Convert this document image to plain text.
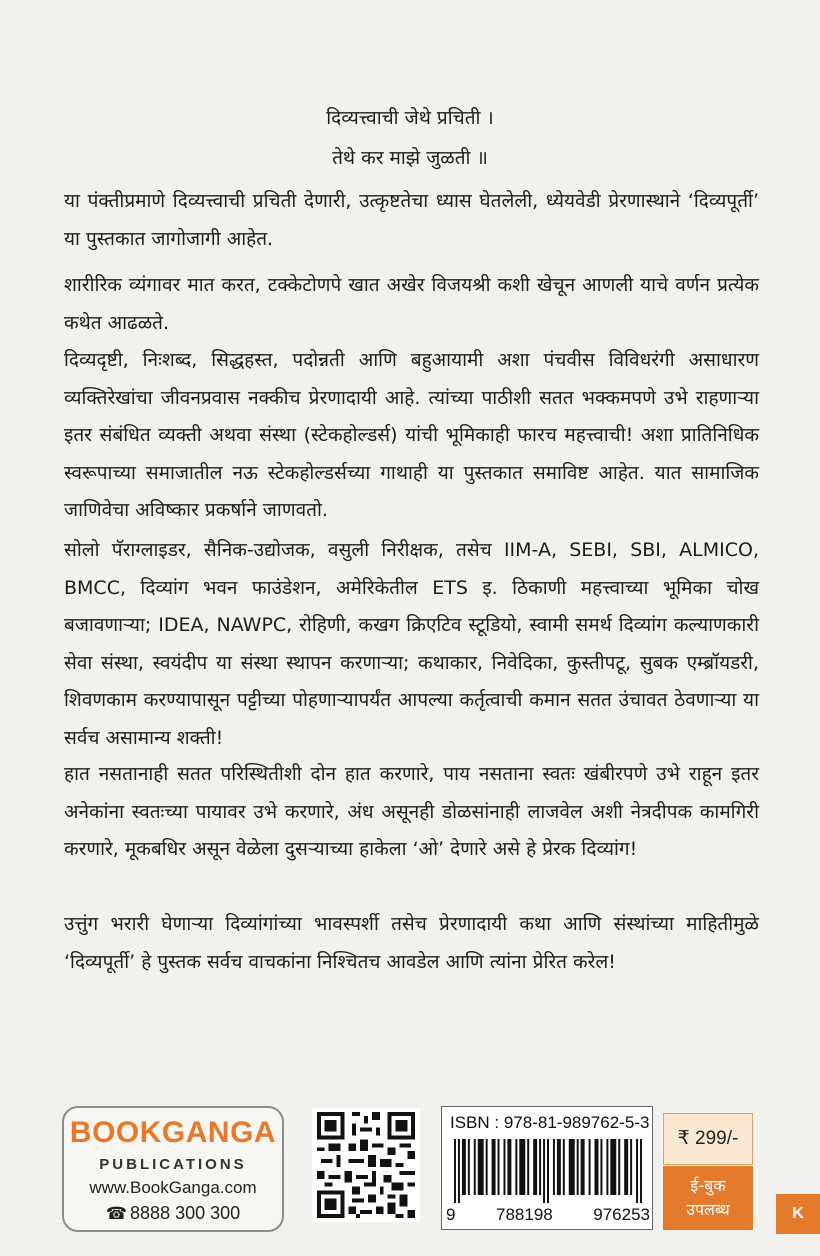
दिव्यत्त्वाची जेथे प्रचिती ।
तेथे कर माझे जुळती ॥

या पंक्तीप्रमाणे दिव्यत्त्वाची प्रचिती देणारी, उत्कृष्टतेचा ध्यास घेतलेली, ध्येयवेडी प्रेरणास्थाने ‘दिव्यपूर्ती’ या पुस्तकात जागोजागी आहेत.

शारीरिक व्यंगावर मात करत, टक्केटोणपे खात अखेर विजयश्री कशी खेचून आणली याचे वर्णन प्रत्येक कथेत आढळते.

दिव्यदृष्टी, निःशब्द, सिद्धहस्त, पदोन्नती आणि बहुआयामी अशा पंचवीस विविधरंगी असाधारण व्यक्तिरेखांचा जीवनप्रवास नक्कीच प्रेरणादायी आहे. त्यांच्या पाठीशी सतत भक्कमपणे उभे राहणाऱ्या इतर संबंधित व्यक्ती अथवा संस्था (स्टेकहोल्डर्स) यांची भूमिकाही फारच महत्त्वाची! अशा प्रातिनिधिक स्वरूपाच्या समाजातील नऊ स्टेकहोल्डर्सच्या गाथाही या पुस्तकात समाविष्ट आहेत. यात सामाजिक जाणिवेचा अविष्कार प्रकर्षाने जाणवतो.

सोलो पॅराग्लाइडर, सैनिक-उद्योजक, वसुली निरीक्षक, तसेच IIM-A, SEBI, SBI, ALMICO, BMCC, दिव्यांग भवन फाउंडेशन, अमेरिकेतील ETS इ. ठिकाणी महत्त्वाच्या भूमिका चोख बजावणाऱ्या; IDEA, NAWPC, रोहिणी, कखग क्रिएटिव स्टूडियो, स्वामी समर्थ दिव्यांग कल्याणकारी सेवा संस्था, स्वयंदीप या संस्था स्थापन करणाऱ्या; कथाकार, निवेदिका, कुस्तीपटू, सुबक एम्ब्रॉयडरी, शिवणकाम करण्यापासून पट्टीच्या पोहणाऱ्यापर्यंत आपल्या कर्तृत्वाची कमान सतत उंचावत ठेवणाऱ्या या सर्वच असामान्य शक्ती!

हात नसतानाही सतत परिस्थितीशी दोन हात करणारे, पाय नसताना स्वतः खंबीरपणे उभे राहून इतर अनेकांना स्वतःच्या पायावर उभे करणारे, अंध असूनही डोळसांनाही लाजवेल अशी नेत्रदीपक कामगिरी करणारे, मूकबधिर असून वेळेला दुसऱ्याच्या हाकेला ‘ओ’ देणारे असे हे प्रेरक दिव्यांग!

उत्तुंग भरारी घेणाऱ्या दिव्यांगांच्या भावस्पर्शी तसेच प्रेरणादायी कथा आणि संस्थांच्या माहितीमुळे ‘दिव्यपूर्ती’ हे पुस्तक सर्वच वाचकांना निश्चितच आवडेल आणि त्यांना प्रेरित करेल!

BOOKGANGA
PUBLICATIONS
www.BookGanga.com
☎ 8888 300 300
ISBN : 978-81-989762-5-3
9 788198 976253
₹ 299/-
ई-बुक
उपलब्ध	K
